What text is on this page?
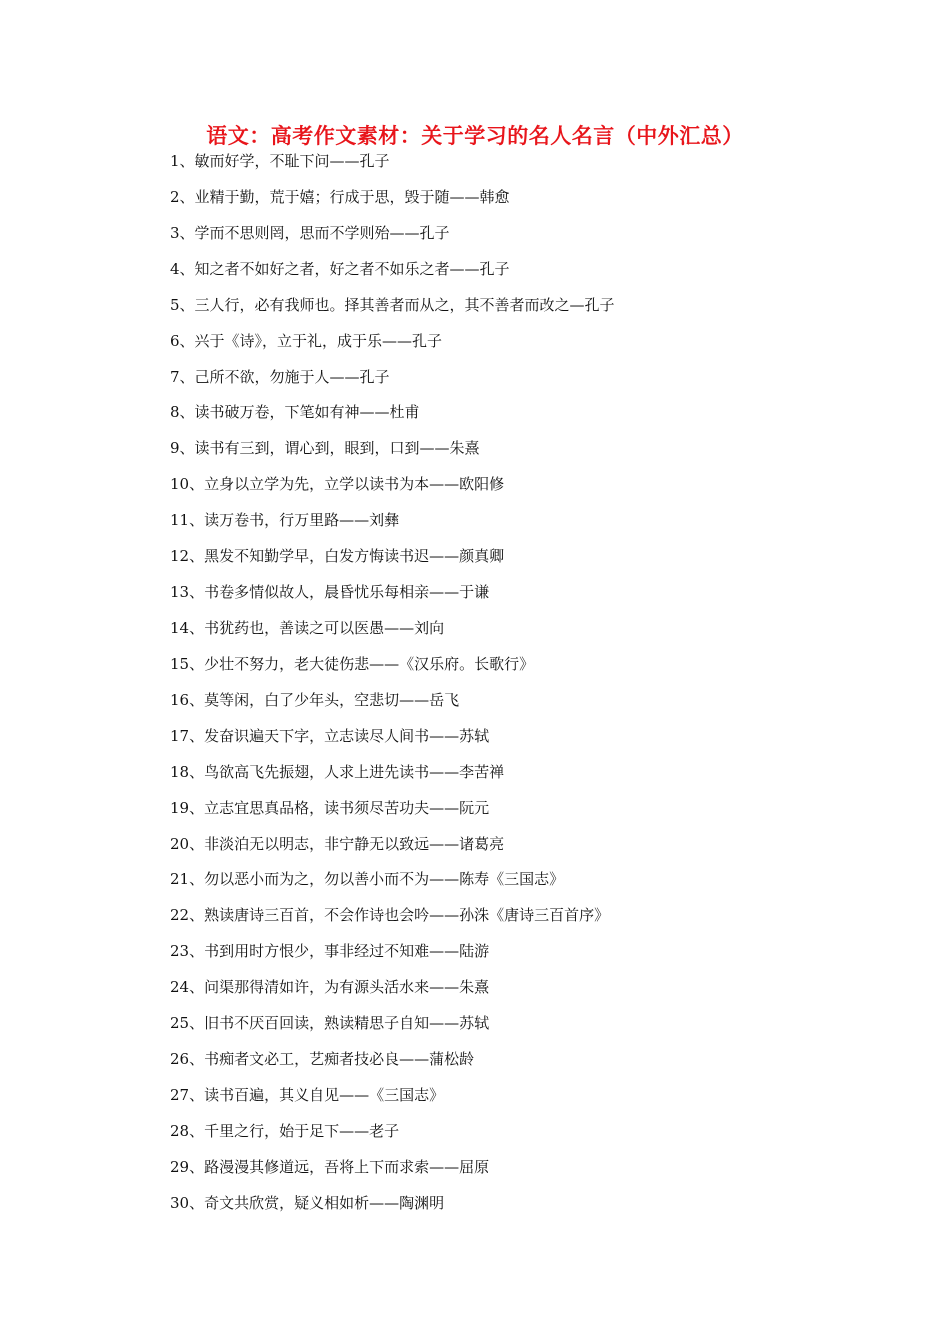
语文：高考作文素材：关于学习的名人名言（中外汇总）
1、敏而好学，不耻下问——孔子
2、业精于勤，荒于嬉；行成于思，毁于随——韩愈
3、学而不思则罔，思而不学则殆——孔子
4、知之者不如好之者，好之者不如乐之者——孔子
5、三人行，必有我师也。择其善者而从之，其不善者而改之—孔子
6、兴于《诗》，立于礼，成于乐——孔子
7、己所不欲，勿施于人——孔子
8、读书破万卷，下笔如有神——杜甫
9、读书有三到，谓心到，眼到，口到——朱熹
10、立身以立学为先，立学以读书为本——欧阳修
11、读万卷书，行万里路——刘彝
12、黑发不知勤学早，白发方悔读书迟——颜真卿
13、书卷多情似故人，晨昏忧乐每相亲——于谦
14、书犹药也，善读之可以医愚——刘向
15、少壮不努力，老大徒伤悲——《汉乐府。长歌行》
16、莫等闲，白了少年头，空悲切——岳飞
17、发奋识遍天下字，立志读尽人间书——苏轼
18、鸟欲高飞先振翅，人求上进先读书——李苦禅
19、立志宜思真品格，读书须尽苦功夫——阮元
20、非淡泊无以明志，非宁静无以致远——诸葛亮
21、勿以恶小而为之，勿以善小而不为——陈寿《三国志》
22、熟读唐诗三百首，不会作诗也会吟——孙洙《唐诗三百首序》
23、书到用时方恨少，事非经过不知难——陆游
24、问渠那得清如许，为有源头活水来——朱熹
25、旧书不厌百回读，熟读精思子自知——苏轼
26、书痴者文必工，艺痴者技必良——蒲松龄
27、读书百遍，其义自见——《三国志》
28、千里之行，始于足下——老子
29、路漫漫其修道远，吾将上下而求索——屈原
30、奇文共欣赏，疑义相如析——陶渊明
